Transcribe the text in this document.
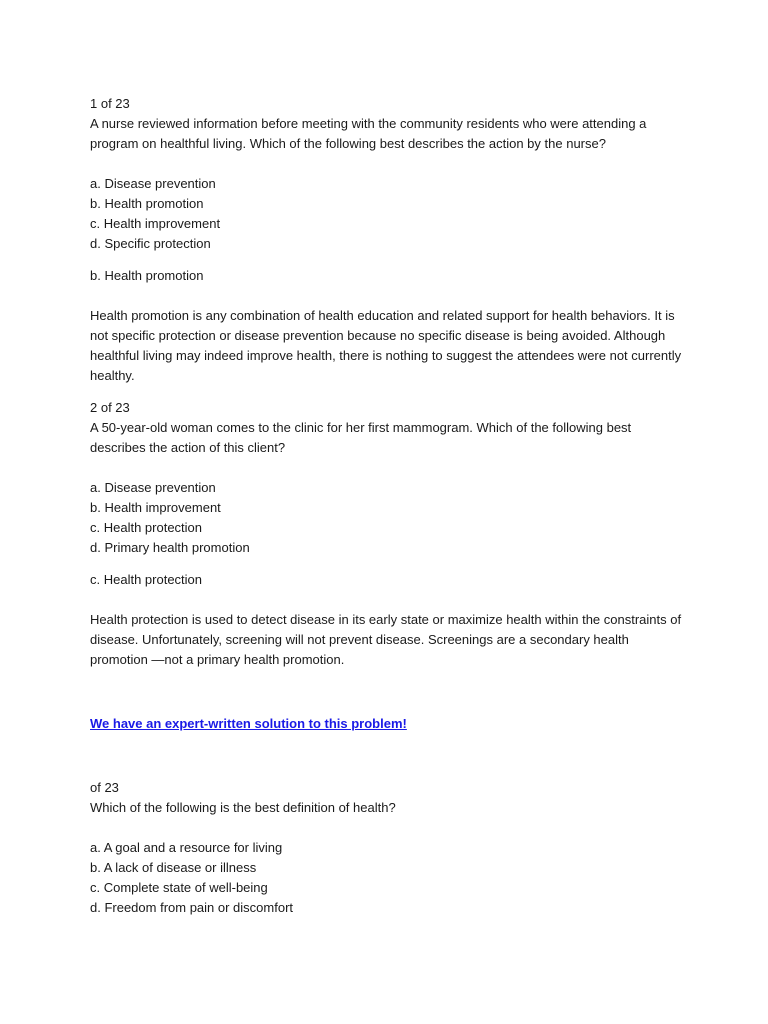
1 of 23
A nurse reviewed information before meeting with the community residents who were attending a program on healthful living. Which of the following best describes the action by the nurse?
a. Disease prevention
b. Health promotion
c. Health improvement
d. Specific protection
b. Health promotion
Health promotion is any combination of health education and related support for health behaviors. It is not specific protection or disease prevention because no specific disease is being avoided. Although healthful living may indeed improve health, there is nothing to suggest the attendees were not currently healthy.
2 of 23
A 50-year-old woman comes to the clinic for her first mammogram. Which of the following best describes the action of this client?
a. Disease prevention
b. Health improvement
c. Health protection
d. Primary health promotion
c. Health protection
Health protection is used to detect disease in its early state or maximize health within the constraints of disease. Unfortunately, screening will not prevent disease. Screenings are a secondary health promotion —not a primary health promotion.
We have an expert-written solution to this problem!
of 23
Which of the following is the best definition of health?
a. A goal and a resource for living
b. A lack of disease or illness
c. Complete state of well-being
d. Freedom from pain or discomfort
